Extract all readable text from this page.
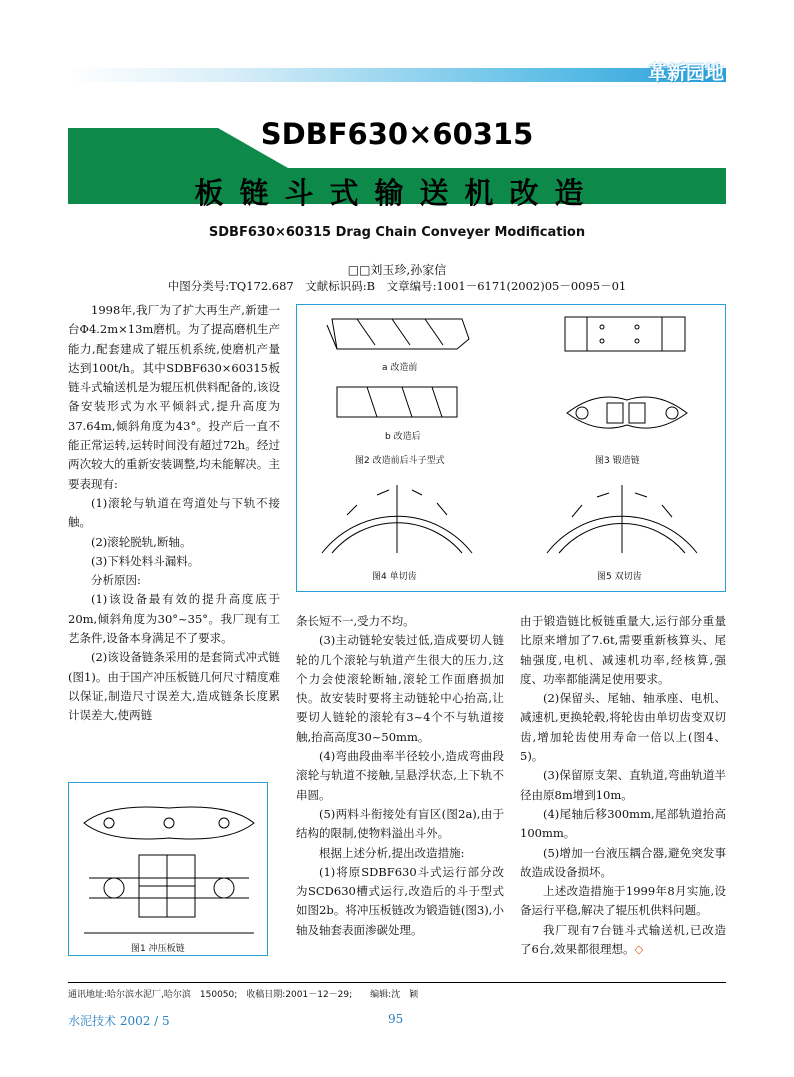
革新园地
SDBF630×60315
板链斗式输送机改造
SDBF630×60315 Drag Chain Conveyer Modification
□□刘玉珍,孙家信
中图分类号:TQ172.687　文献标识码:B　文章编号:1001－6171(2002)05－0095－01

1998年,我厂为了扩大再生产,新建一台Φ4.2m×13m磨机。为了提高磨机生产能力,配套建成了辊压机系统,使磨机产量达到100t/h。其中SDBF630×60315板链斗式输送机是为辊压机供料配备的,该设备安装形式为水平倾斜式,提升高度为37.64m,倾斜角度为43°。投产后一直不能正常运转,运转时间没有超过72h。经过两次较大的重新安装调整,均未能解决。主要表现有:

(1)滚轮与轨道在弯道处与下轨不接触。

(2)滚轮脱轨,断轴。

(3)下料处料斗漏料。

分析原因:

(1)该设备最有效的提升高度底于20m,倾斜角度为30°~35°。我厂现有工艺条件,设备本身满足不了要求。

(2)该设备链条采用的是套筒式冲式链(图1)。由于国产冲压板链几何尺寸精度难以保证,制造尺寸误差大,造成链条长度累计误差大,使两链

a 改造前
b 改造后
图2 改造前后斗子型式	图3 锻造链
图4 单切齿	图5 双切齿

条长短不一,受力不均。

(3)主动链轮安装过低,造成要切人链轮的几个滚轮与轨道产生很大的压力,这个力会使滚轮断轴,滚轮工作面磨损加快。故安装时要将主动链轮中心抬高,让要切人链轮的滚轮有3~4个不与轨道接触,抬高高度30~50mm。

(4)弯曲段曲率半径较小,造成弯曲段滚轮与轨道不接触,呈悬浮状态,上下轨不串圆。

(5)两料斗衔接处有盲区(图2a),由于结构的限制,使物料溢出斗外。

根据上述分析,提出改造措施:

(1)将原SDBF630斗式运行部分改为SCD630槽式运行,改造后的斗于型式如图2b。将冲压板链改为锻造链(图3),小轴及轴套表面渗碳处理。

由于锻造链比板链重量大,运行部分重量比原来增加了7.6t,需要重新核算头、尾轴强度,电机、减速机功率,经核算,强度、功率都能满足使用要求。

(2)保留头、尾轴、轴承座、电机、减速机,更换轮毂,将轮齿由单切齿变双切齿,增加轮齿使用寿命一倍以上(图4、5)。

(3)保留原支架、直轨道,弯曲轨道半径由原8m增到10m。

(4)尾轴后移300mm,尾部轨道抬高100mm。

(5)增加一台液压耦合器,避免突发事故造成设备损坏。

上述改造措施于1999年8月实施,设备运行平稳,解决了辊压机供料问题。

我厂现有7台链斗式输送机,已改造了6台,效果都很理想。◇

图1 冲压板链
通讯地址:哈尔滨水泥厂,哈尔滨　150050;　收稿日期:2001－12－29;　　编辑:沈　颖
水泥技术 2002 / 5	95
